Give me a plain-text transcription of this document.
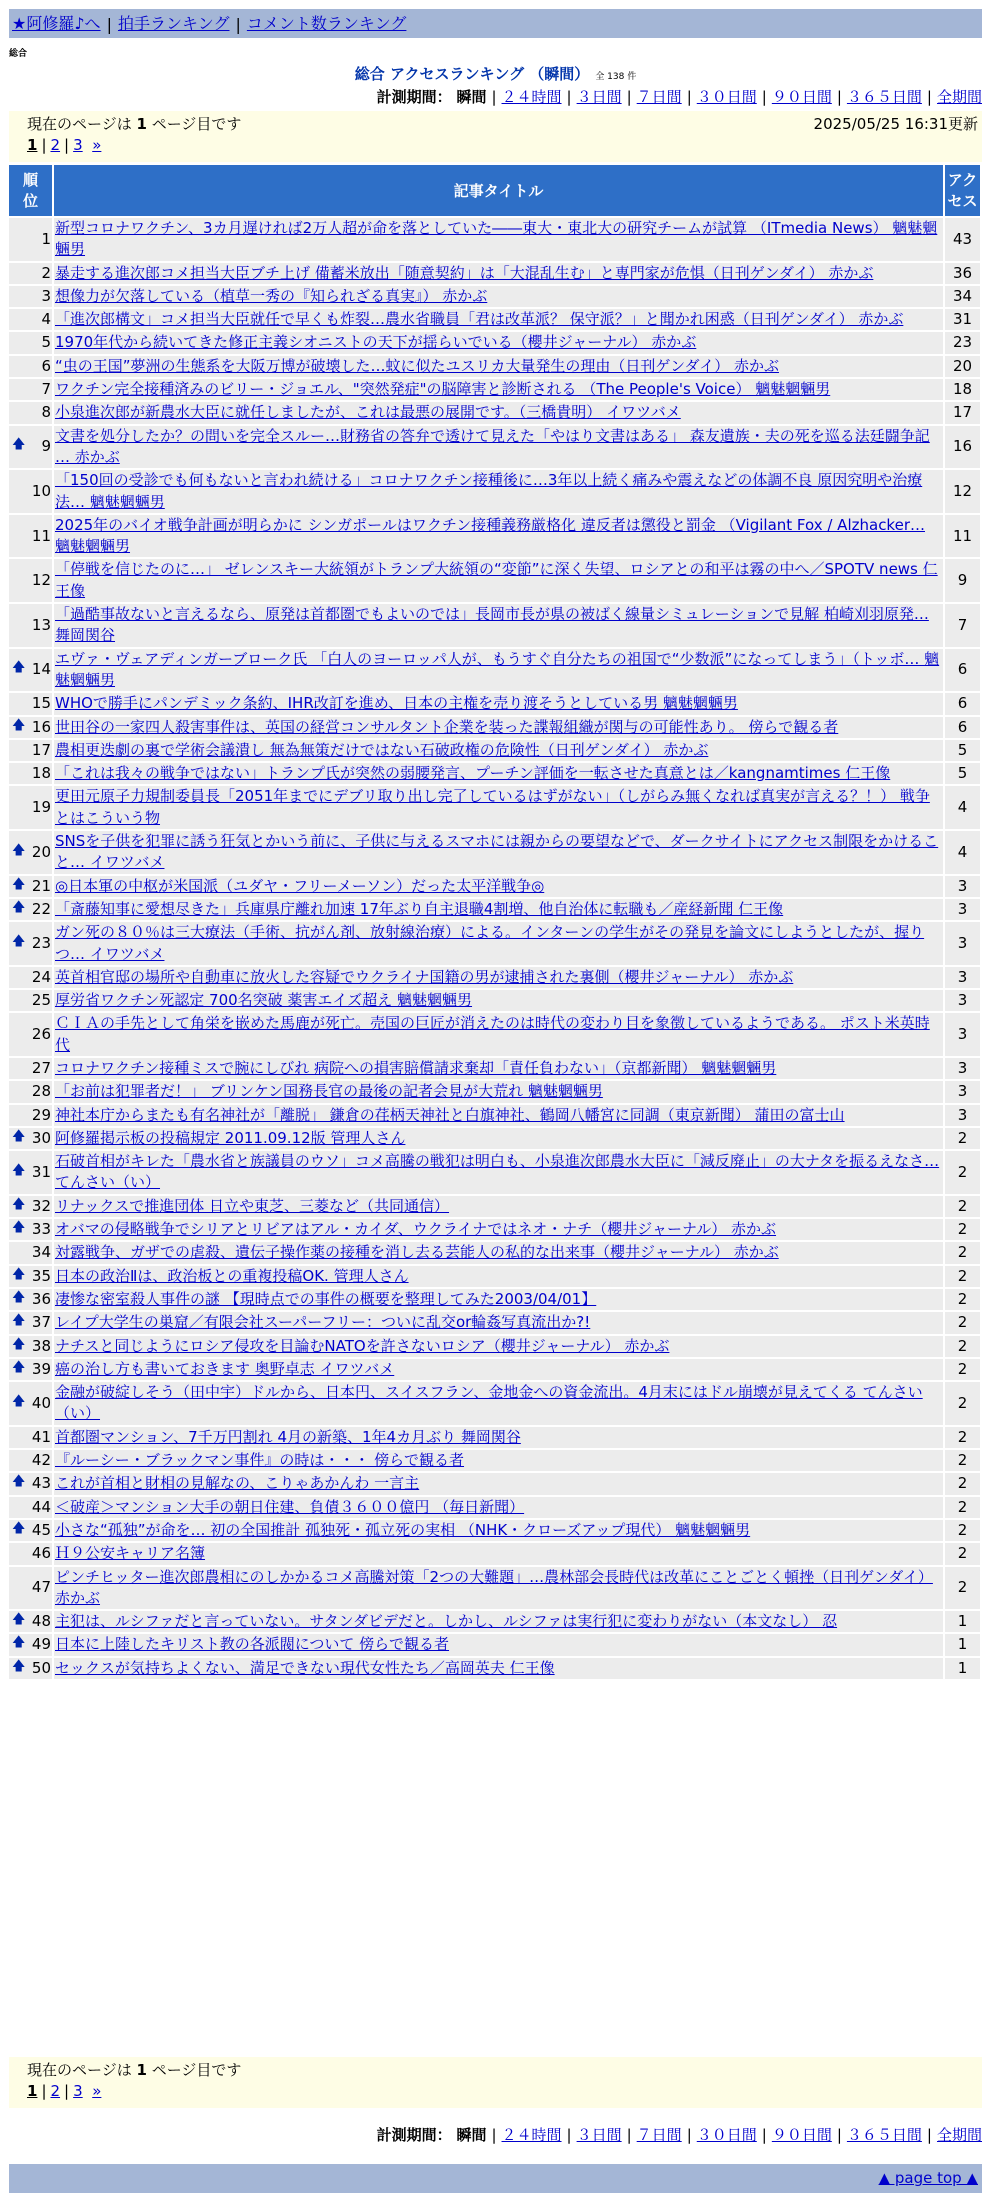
★阿修羅♪へ | 拍手ランキング | コメント数ランキング
総合
総合 アクセスランキング （瞬間） 全 138 件
計測期間： 瞬間 | ２４時間 | ３日間 | ７日間 | ３０日間 | ９０日間 | ３６５日間 | 全期間
現在のページは 1 ページ目です	2025/05/25 16:31更新
1 | 2 | 3 »
順位	記事タイトル	アクセス
1	新型コロナワクチン、3カ月遅ければ2万人超が命を落としていた――東大・東北大の研究チームが試算 （ITmedia News） 魑魅魍魎男	43
2	暴走する進次郎コメ担当大臣ブチ上げ 備蓄米放出「随意契約」は「大混乱生む」と専門家が危惧（日刊ゲンダイ） 赤かぶ	36
3	想像力が欠落している（植草一秀の『知られざる真実』） 赤かぶ	34
4	「進次郎構文」コメ担当大臣就任で早くも炸裂…農水省職員「君は改革派？ 保守派？」と聞かれ困惑（日刊ゲンダイ） 赤かぶ	31
5	1970年代から続いてきた修正主義シオニストの天下が揺らいでいる（櫻井ジャーナル） 赤かぶ	23
6	“虫の王国”夢洲の生態系を大阪万博が破壊した…蚊に似たユスリカ大量発生の理由（日刊ゲンダイ） 赤かぶ	20
7	ワクチン完全接種済みのビリー・ジョエル、"突然発症"の脳障害と診断される （The People's Voice） 魑魅魍魎男	18
8	小泉進次郎が新農水大臣に就任しましたが、これは最悪の展開です。（三橋貴明） イワツバメ	17

🡅 9	文書を処分したか？の問いを完全スルー…財務省の答弁で透けて見えた「やはり文書はある」 森友遺族・夫の死を巡る法廷闘争記 … 赤かぶ	16
10	「150回の受診でも何もないと言われ続ける」コロナワクチン接種後に…3年以上続く痛みや震えなどの体調不良 原因究明や治療法… 魑魅魍魎男	12
11	2025年のバイオ戦争計画が明らかに シンガポールはワクチン接種義務厳格化 違反者は懲役と罰金 （Vigilant Fox / Alzhacker… 魑魅魍魎男	11
12	「停戦を信じたのに…」 ゼレンスキー大統領がトランプ大統領の“変節”に深く失望、ロシアとの和平は霧の中へ／SPOTV news 仁王像	9
13	「過酷事故ないと言えるなら、原発は首都圏でもよいのでは」長岡市長が県の被ばく線量シミュレーションで見解 柏崎刈羽原発… 舞岡関谷	7

🡅 14	エヴァ・ヴェアディンガーブローク氏 「白人のヨーロッパ人が、もうすぐ自分たちの祖国で“少数派”になってしまう」（トッボ… 魑魅魍魎男	6
15	WHOで勝手にパンデミック条約、IHR改訂を進め、日本の主権を売り渡そうとしている男 魑魅魍魎男	6

🡅 16	世田谷の一家四人殺害事件は、英国の経営コンサルタント企業を装った諜報組織が関与の可能性あり。 傍らで観る者	6
17	農相更迭劇の裏で学術会議潰し 無為無策だけではない石破政権の危険性（日刊ゲンダイ） 赤かぶ	5
18	「これは我々の戦争ではない」トランプ氏が突然の弱腰発言、プーチン評価を一転させた真意とは／kangnamtimes 仁王像	5
19	更田元原子力規制委員長「2051年までにデブリ取り出し完了しているはずがない」（しがらみ無くなれば真実が言える？！） 戦争とはこういう物	4

🡅 20	SNSを子供を犯罪に誘う狂気とかいう前に、子供に与えるスマホには親からの要望などで、ダークサイトにアクセス制限をかけること… イワツバメ	4

🡅 21	◎日本軍の中枢が米国派（ユダヤ・フリーメーソン）だった太平洋戦争◎	3

🡅 22	「斎藤知事に愛想尽きた」兵庫県庁離れ加速 17年ぶり自主退職4割増、他自治体に転職も／産経新聞 仁王像	3

🡅 23	ガン死の８０％は三大療法（手術、抗がん剤、放射線治療）による。インターンの学生がその発見を論文にしようとしたが、握りつ… イワツバメ	3
24	英首相官邸の場所や自動車に放火した容疑でウクライナ国籍の男が逮捕された裏側（櫻井ジャーナル） 赤かぶ	3
25	厚労省ワクチン死認定 700名突破 薬害エイズ超え 魑魅魍魎男	3
26	ＣＩＡの手先として角栄を嵌めた馬鹿が死亡。売国の巨匠が消えたのは時代の変わり目を象徴しているようである。 ポスト米英時代	3
27	コロナワクチン接種ミスで腕にしびれ 病院への損害賠償請求棄却「責任負わない」（京都新聞） 魑魅魍魎男	3
28	「お前は犯罪者だ！」 ブリンケン国務長官の最後の記者会見が大荒れ 魑魅魍魎男	3
29	神社本庁からまたも有名神社が「離脱」 鎌倉の荏柄天神社と白旗神社、鶴岡八幡宮に同調（東京新聞） 蒲田の富士山	3

🡅 30	阿修羅掲示板の投稿規定 2011.09.12版 管理人さん	2

🡅 31	石破首相がキレた「農水省と族議員のウソ」コメ高騰の戦犯は明白も、小泉進次郎農水大臣に「減反廃止」の大ナタを振るえなさ… てんさい（い）	2

🡅 32	リナックスで推進団体 日立や東芝、三菱など（共同通信）	2

🡅 33	オバマの侵略戦争でシリアとリビアはアル・カイダ、ウクライナではネオ・ナチ（櫻井ジャーナル） 赤かぶ	2
34	対露戦争、ガザでの虐殺、遺伝子操作薬の接種を消し去る芸能人の私的な出来事（櫻井ジャーナル） 赤かぶ	2

🡅 35	日本の政治Ⅱは、政治板との重複投稿OK. 管理人さん	2

🡅 36	凄惨な密室殺人事件の謎 【現時点での事件の概要を整理してみた2003/04/01】	2

🡅 37	レイプ大学生の巣窟／有限会社スーパーフリー：ついに乱交or輪姦写真流出か?!	2

🡅 38	ナチスと同じようにロシア侵攻を目論むNATOを許さないロシア（櫻井ジャーナル） 赤かぶ	2

🡅 39	癌の治し方も書いておきます 奥野卓志 イワツバメ	2

🡅 40	金融が破綻しそう（田中宇）ドルから、日本円、スイスフラン、金地金への資金流出。4月末にはドル崩壊が見えてくる てんさい（い）	2
41	首都圏マンション、7千万円割れ 4月の新築、1年4カ月ぶり 舞岡関谷	2
42	『ルーシー・ブラックマン事件』の時は・・・ 傍らで観る者	2

🡅 43	これが首相と財相の見解なの、こりゃあかんわ 一言主	2
44	＜破産＞マンション大手の朝日住建、負債３６００億円 （毎日新聞）	2

🡅 45	小さな“孤独”が命を… 初の全国推計 孤独死・孤立死の実相 （NHK・クローズアップ現代） 魑魅魍魎男	2
46	Ｈ９公安キャリア名簿	2
47	ピンチヒッター進次郎農相にのしかかるコメ高騰対策「2つの大難題」…農林部会長時代は改革にことごとく頓挫（日刊ゲンダイ） 赤かぶ	2

🡅 48	主犯は、ルシファだと言っていない。サタンダビデだと。しかし、ルシファは実行犯に変わりがない（本文なし） 忍	1

🡅 49	日本に上陸したキリスト教の各派閥について 傍らで観る者	1

🡅 50	セックスが気持ちよくない、満足できない現代女性たち／高岡英夫 仁王像	1
現在のページは 1 ページ目です
1 | 2 | 3 »
計測期間： 瞬間 | ２４時間 | ３日間 | ７日間 | ３０日間 | ９０日間 | ３６５日間 | 全期間
▲ page top ▲
